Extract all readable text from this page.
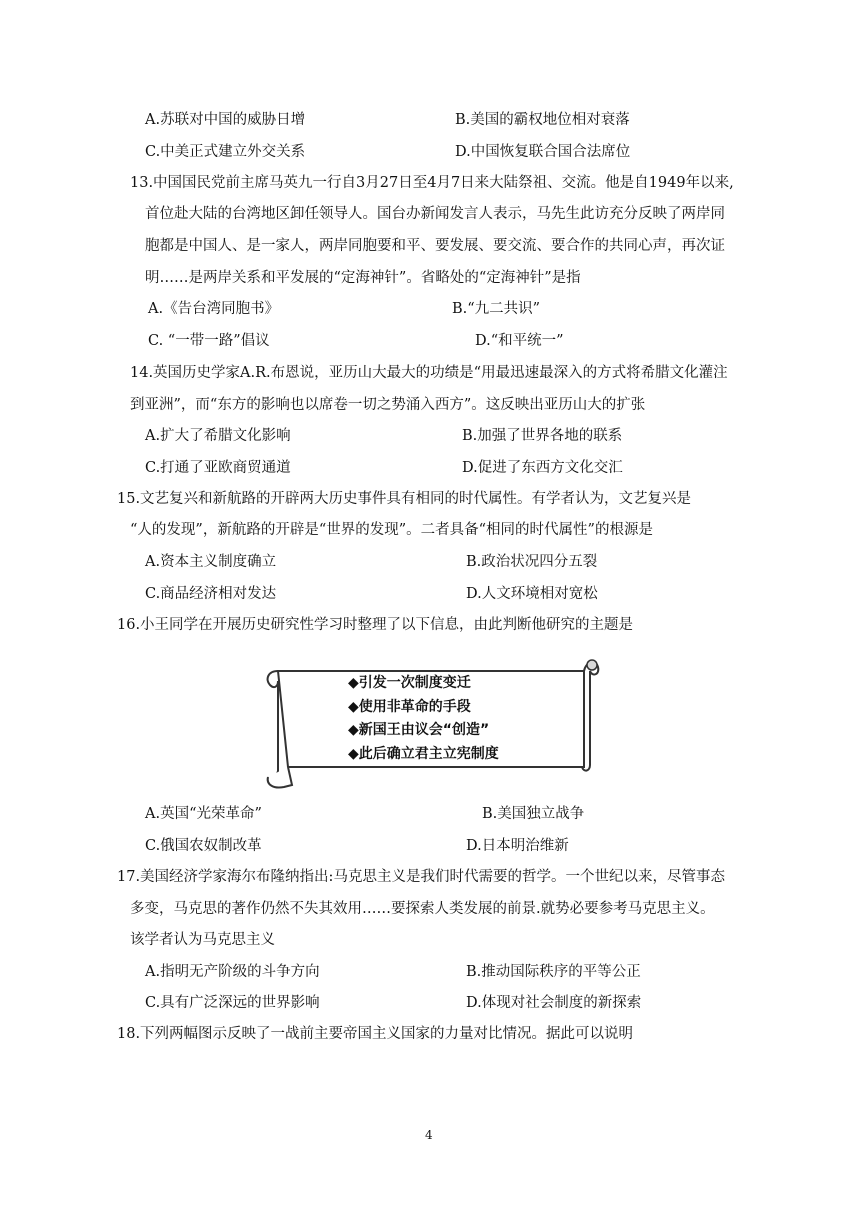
A.苏联对中国的威胁日增	B.美国的霸权地位相对衰落
C.中美正式建立外交关系	D.中国恢复联合国合法席位
13.中国国民党前主席马英九一行自3月27日至4月7日来大陆祭祖、交流。他是自1949年以来,
首位赴大陆的台湾地区卸任领导人。国台办新闻发言人表示，马先生此访充分反映了两岸同
胞都是中国人、是一家人，两岸同胞要和平、要发展、要交流、要合作的共同心声，再次证
明……是两岸关系和平发展的“定海神针”。省略处的“定海神针”是指
A.《告台湾同胞书》	B.“九二共识”
C. “一带一路”倡议	D.“和平统一”
14.英国历史学家A.R.布恩说，亚历山大最大的功绩是“用最迅速最深入的方式将希腊文化灌注
到亚洲”，而“东方的影响也以席卷一切之势涌入西方”。这反映出亚历山大的扩张
A.扩大了希腊文化影响	B.加强了世界各地的联系
C.打通了亚欧商贸通道	D.促进了东西方文化交汇
15.文艺复兴和新航路的开辟两大历史事件具有相同的时代属性。有学者认为，文艺复兴是
“人的发现”，新航路的开辟是“世界的发现”。二者具备“相同的时代属性”的根源是
A.资本主义制度确立	B.政治状况四分五裂
C.商品经济相对发达	D.人文环境相对宽松
16.小王同学在开展历史研究性学习时整理了以下信息，由此判断他研究的主题是
◆引发一次制度变迁
◆使用非革命的手段
◆新国王由议会“创造”
◆此后确立君主立宪制度
A.英国“光荣革命”	B.美国独立战争
C.俄国农奴制改革	D.日本明治维新
17.美国经济学家海尔布隆纳指出:马克思主义是我们时代需要的哲学。一个世纪以来，尽管事态
多变，马克思的著作仍然不失其效用……要探索人类发展的前景.就势必要参考马克思主义。
该学者认为马克思主义
A.指明无产阶级的斗争方向	B.推动国际秩序的平等公正
C.具有广泛深远的世界影响	D.体现对社会制度的新探索
18.下列两幅图示反映了一战前主要帝国主义国家的力量对比情况。据此可以说明
4
